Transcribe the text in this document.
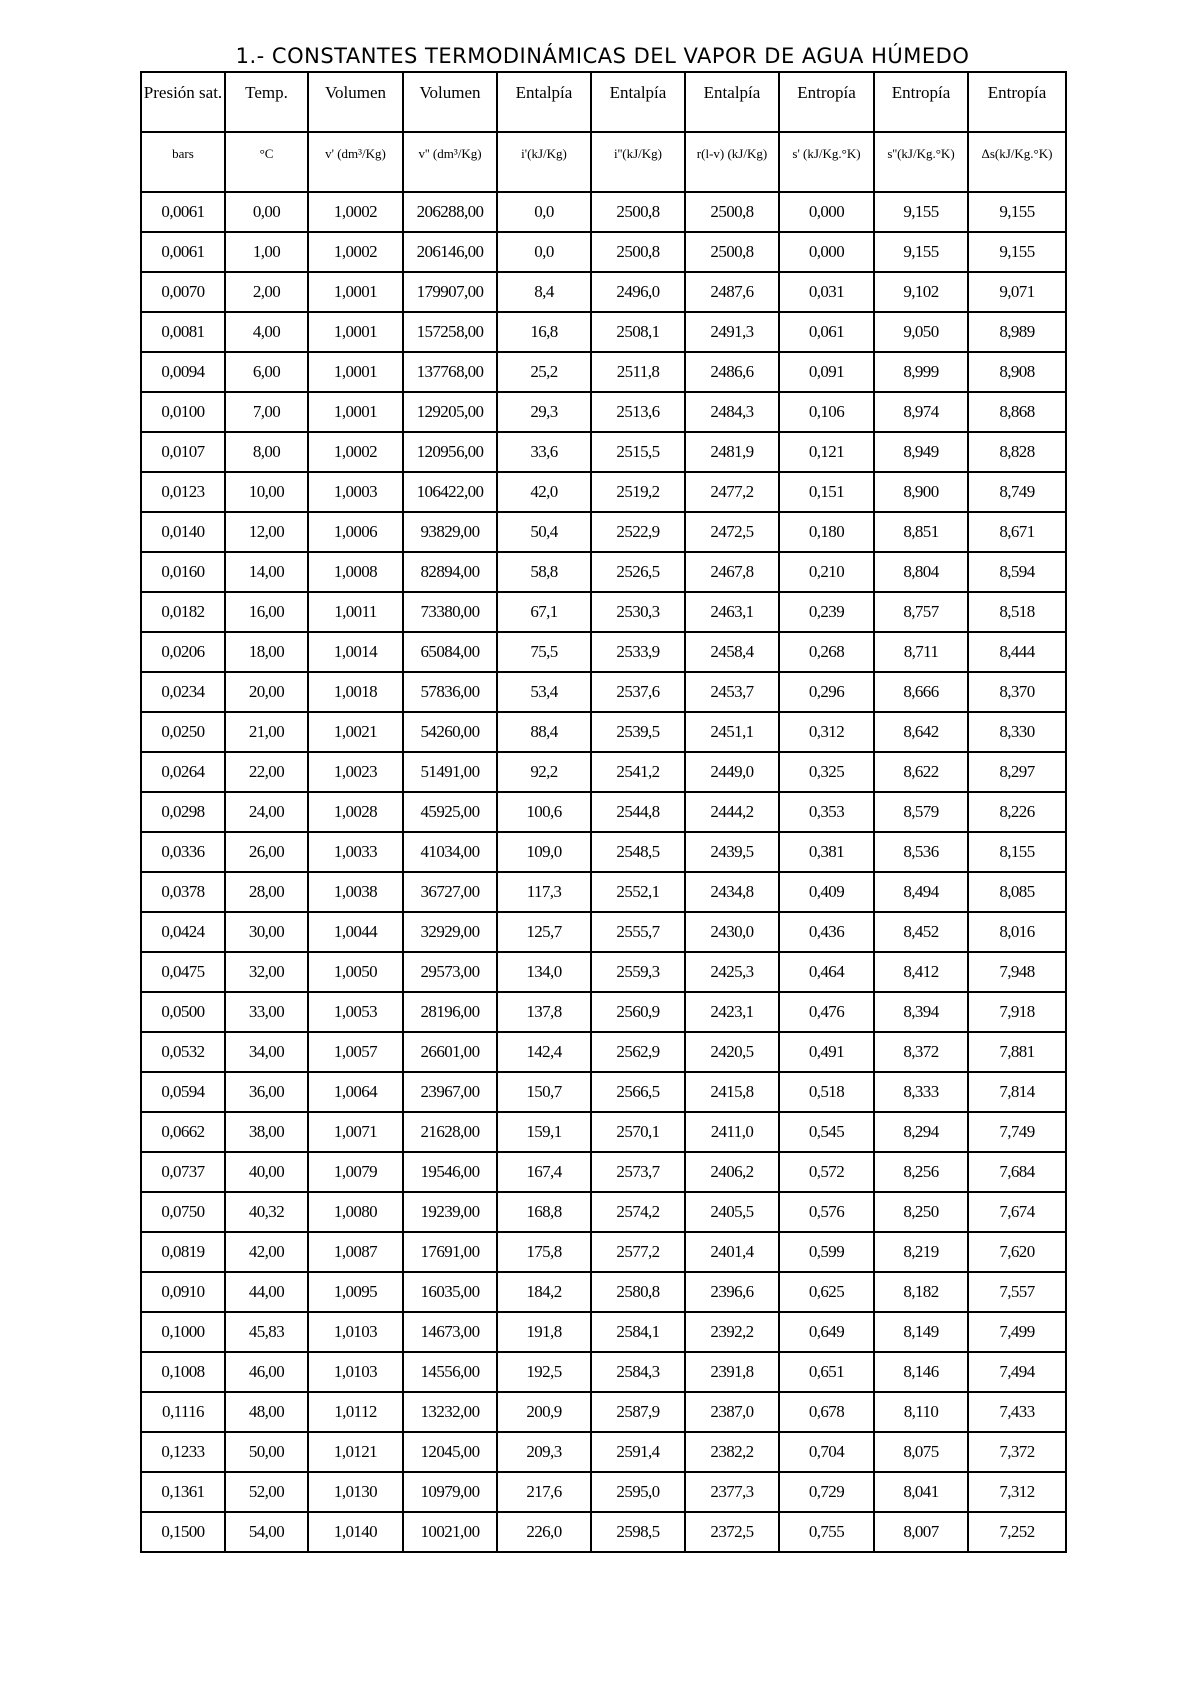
1.- CONSTANTES TERMODINÁMICAS DEL VAPOR DE AGUA HÚMEDO
Presión sat.	Temp.	Volumen	Volumen	Entalpía	Entalpía	Entalpía	Entropía	Entropía	Entropía
bars	°C	v' (dm³/Kg)	v'' (dm³/Kg)	i'(kJ/Kg)	i''(kJ/Kg)	r(l-v) (kJ/Kg)	s' (kJ/Kg.°K)	s''(kJ/Kg.°K)	Δs(kJ/Kg.°K)
0,0061	0,00	1,0002	206288,00	0,0	2500,8	2500,8	0,000	9,155	9,155
0,0061	1,00	1,0002	206146,00	0,0	2500,8	2500,8	0,000	9,155	9,155
0,0070	2,00	1,0001	179907,00	8,4	2496,0	2487,6	0,031	9,102	9,071
0,0081	4,00	1,0001	157258,00	16,8	2508,1	2491,3	0,061	9,050	8,989
0,0094	6,00	1,0001	137768,00	25,2	2511,8	2486,6	0,091	8,999	8,908
0,0100	7,00	1,0001	129205,00	29,3	2513,6	2484,3	0,106	8,974	8,868
0,0107	8,00	1,0002	120956,00	33,6	2515,5	2481,9	0,121	8,949	8,828
0,0123	10,00	1,0003	106422,00	42,0	2519,2	2477,2	0,151	8,900	8,749
0,0140	12,00	1,0006	93829,00	50,4	2522,9	2472,5	0,180	8,851	8,671
0,0160	14,00	1,0008	82894,00	58,8	2526,5	2467,8	0,210	8,804	8,594
0,0182	16,00	1,0011	73380,00	67,1	2530,3	2463,1	0,239	8,757	8,518
0,0206	18,00	1,0014	65084,00	75,5	2533,9	2458,4	0,268	8,711	8,444
0,0234	20,00	1,0018	57836,00	53,4	2537,6	2453,7	0,296	8,666	8,370
0,0250	21,00	1,0021	54260,00	88,4	2539,5	2451,1	0,312	8,642	8,330
0,0264	22,00	1,0023	51491,00	92,2	2541,2	2449,0	0,325	8,622	8,297
0,0298	24,00	1,0028	45925,00	100,6	2544,8	2444,2	0,353	8,579	8,226
0,0336	26,00	1,0033	41034,00	109,0	2548,5	2439,5	0,381	8,536	8,155
0,0378	28,00	1,0038	36727,00	117,3	2552,1	2434,8	0,409	8,494	8,085
0,0424	30,00	1,0044	32929,00	125,7	2555,7	2430,0	0,436	8,452	8,016
0,0475	32,00	1,0050	29573,00	134,0	2559,3	2425,3	0,464	8,412	7,948
0,0500	33,00	1,0053	28196,00	137,8	2560,9	2423,1	0,476	8,394	7,918
0,0532	34,00	1,0057	26601,00	142,4	2562,9	2420,5	0,491	8,372	7,881
0,0594	36,00	1,0064	23967,00	150,7	2566,5	2415,8	0,518	8,333	7,814
0,0662	38,00	1,0071	21628,00	159,1	2570,1	2411,0	0,545	8,294	7,749
0,0737	40,00	1,0079	19546,00	167,4	2573,7	2406,2	0,572	8,256	7,684
0,0750	40,32	1,0080	19239,00	168,8	2574,2	2405,5	0,576	8,250	7,674
0,0819	42,00	1,0087	17691,00	175,8	2577,2	2401,4	0,599	8,219	7,620
0,0910	44,00	1,0095	16035,00	184,2	2580,8	2396,6	0,625	8,182	7,557
0,1000	45,83	1,0103	14673,00	191,8	2584,1	2392,2	0,649	8,149	7,499
0,1008	46,00	1,0103	14556,00	192,5	2584,3	2391,8	0,651	8,146	7,494
0,1116	48,00	1,0112	13232,00	200,9	2587,9	2387,0	0,678	8,110	7,433
0,1233	50,00	1,0121	12045,00	209,3	2591,4	2382,2	0,704	8,075	7,372
0,1361	52,00	1,0130	10979,00	217,6	2595,0	2377,3	0,729	8,041	7,312
0,1500	54,00	1,0140	10021,00	226,0	2598,5	2372,5	0,755	8,007	7,252
